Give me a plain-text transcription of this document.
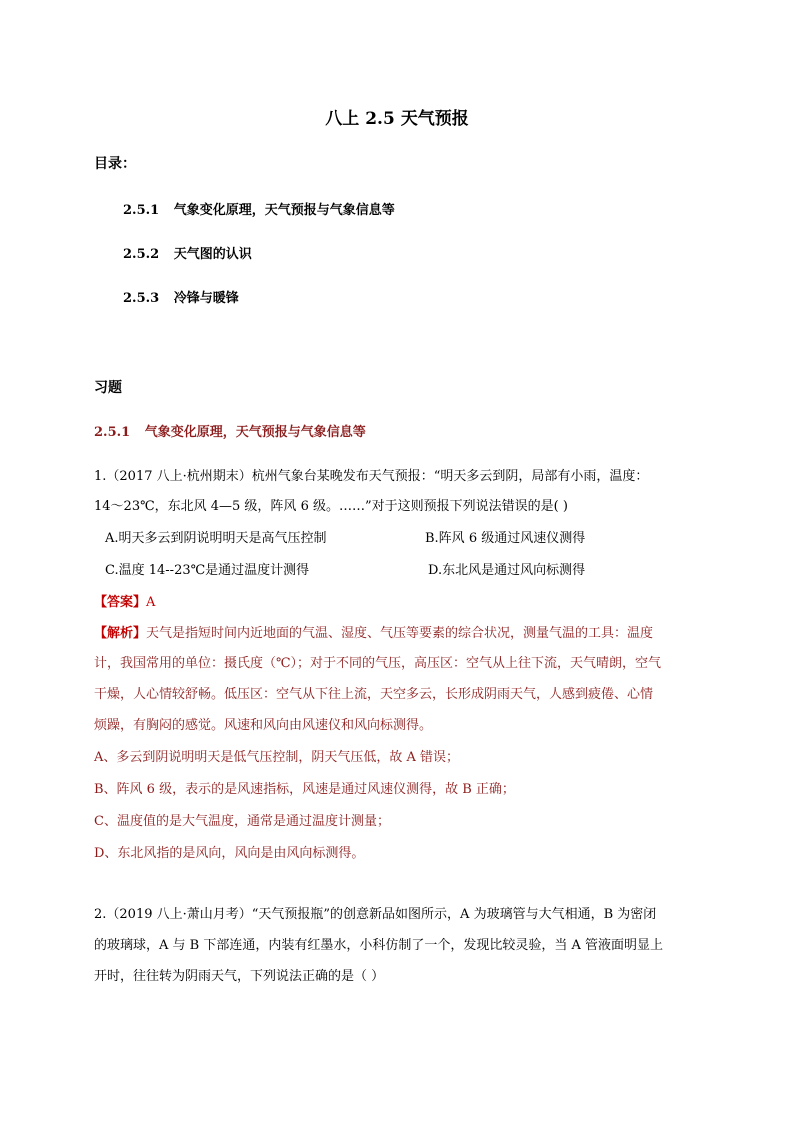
八上 2.5 天气预报
目录：
2.5.1 气象变化原理，天气预报与气象信息等
2.5.2 天气图的认识
2.5.3 冷锋与暖锋
习题
2.5.1 气象变化原理，天气预报与气象信息等
1.（2017 八上·杭州期末）杭州气象台某晚发布天气预报：“明天多云到阴，局部有小雨，温度：
14～23℃，东北风 4—5 级，阵风 6 级。……”对于这则预报下列说法错误的是( )
A.明天多云到阴说明明天是高气压控制	B.阵风 6 级通过风速仪测得
C.温度 14--23℃是通过温度计测得	D.东北风是通过风向标测得
【答案】A
【解析】天气是指短时间内近地面的气温、湿度、气压等要素的综合状况，测量气温的工具：温度
计，我国常用的单位：摄氏度（℃）；对于不同的气压，高压区：空气从上往下流，天气晴朗，空气
干燥，人心情较舒畅。低压区：空气从下往上流，天空多云，长形成阴雨天气，人感到疲倦、心情
烦躁，有胸闷的感觉。风速和风向由风速仪和风向标测得。
A、多云到阴说明明天是低气压控制，阴天气压低，故 A 错误；
B、阵风 6 级，表示的是风速指标，风速是通过风速仪测得，故 B 正确；
C、温度值的是大气温度，通常是通过温度计测量；
D、东北风指的是风向，风向是由风向标测得。
2.（2019 八上·萧山月考）“天气预报瓶”的创意新品如图所示，A 为玻璃管与大气相通，B 为密闭
的玻璃球，A 与 B 下部连通，内装有红墨水，小科仿制了一个，发现比较灵验，当 A 管液面明显上
开时，往往转为阴雨天气，下列说法正确的是（ ）
